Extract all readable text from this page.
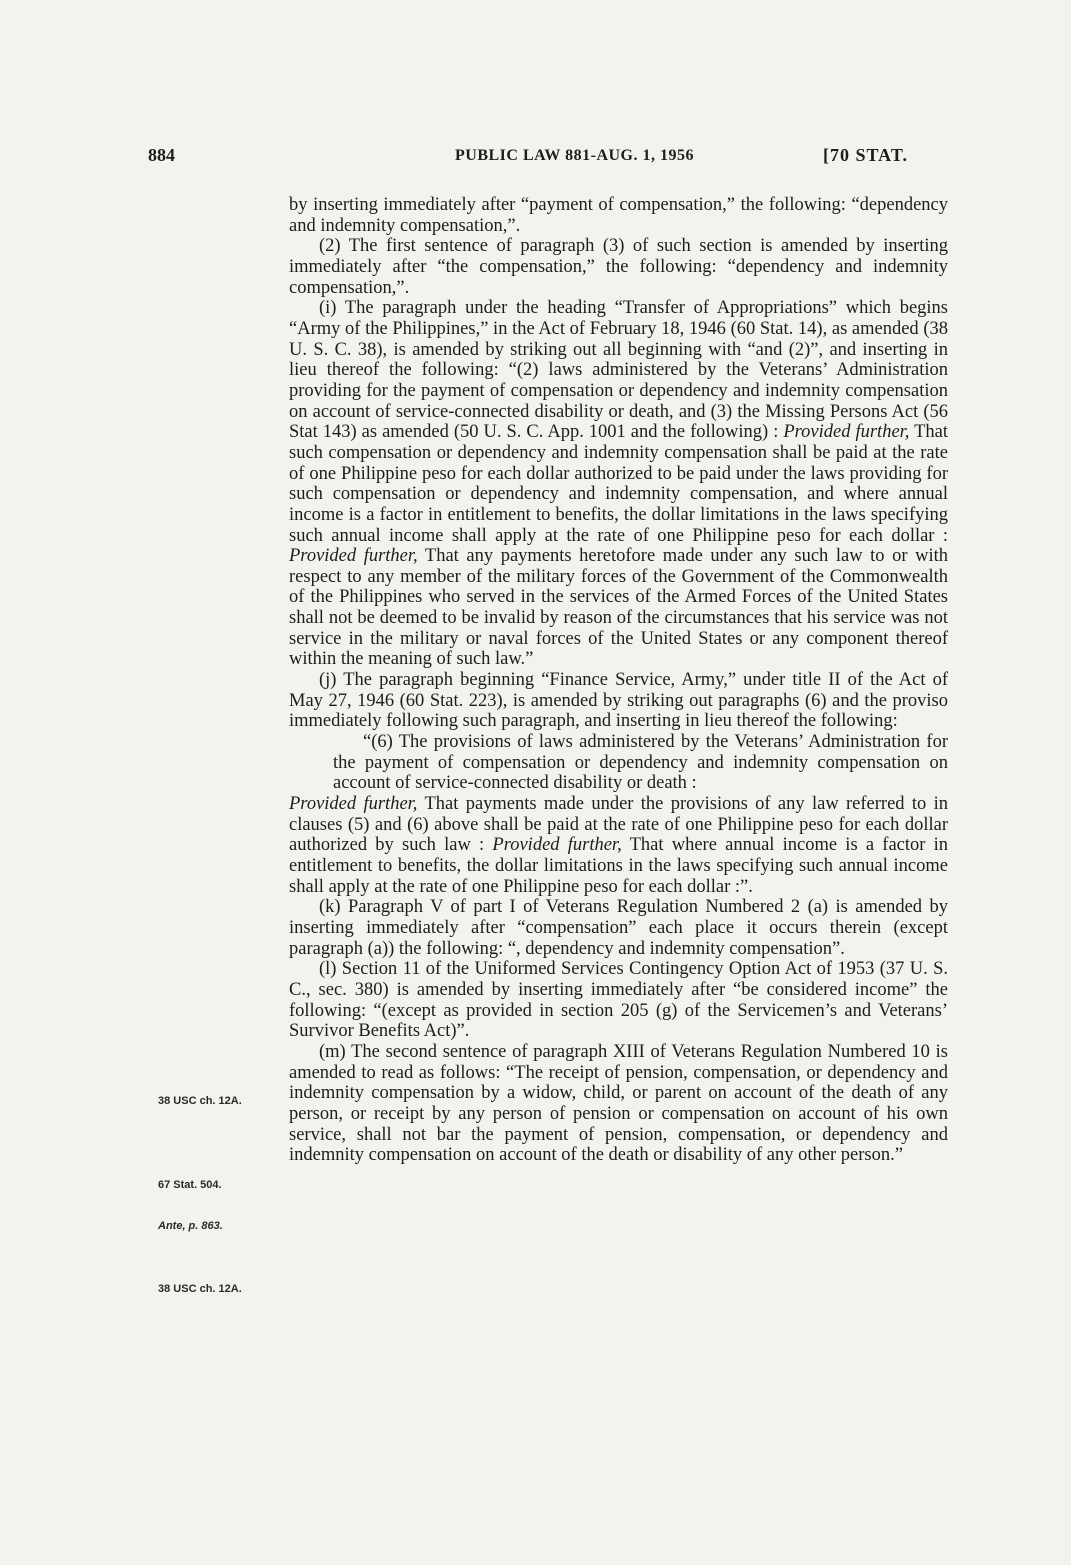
884	PUBLIC LAW 881-AUG. 1, 1956	[70 STAT.
38 USC ch. 12A.
67 Stat. 504.
Ante, p. 863.
38 USC ch. 12A.

by inserting immediately after “payment of compensation,” the following: “dependency and indemnity compensation,”.

(2) The first sentence of paragraph (3) of such section is amended by inserting immediately after “the compensation,” the following: “dependency and indemnity compensation,”.

(i) The paragraph under the heading “Transfer of Appropriations” which begins “Army of the Philippines,” in the Act of February 18, 1946 (60 Stat. 14), as amended (38 U. S. C. 38), is amended by striking out all beginning with “and (2)”, and inserting in lieu thereof the following: “(2) laws administered by the Veterans’ Administration providing for the payment of compensation or dependency and indemnity compensation on account of service-connected disability or death, and (3) the Missing Persons Act (56 Stat 143) as amended (50 U. S. C. App. 1001 and the following) : Provided further, That such compensation or dependency and indemnity compensation shall be paid at the rate of one Philippine peso for each dollar authorized to be paid under the laws providing for such compensation or dependency and indemnity compensation, and where annual income is a factor in entitlement to benefits, the dollar limitations in the laws specifying such annual income shall apply at the rate of one Philippine peso for each dollar : Provided further, That any payments heretofore made under any such law to or with respect to any member of the military forces of the Government of the Commonwealth of the Philippines who served in the services of the Armed Forces of the United States shall not be deemed to be invalid by reason of the circumstances that his service was not service in the military or naval forces of the United States or any component thereof within the meaning of such law.”

(j) The paragraph beginning “Finance Service, Army,” under title II of the Act of May 27, 1946 (60 Stat. 223), is amended by striking out paragraphs (6) and the proviso immediately following such paragraph, and inserting in lieu thereof the following:

“(6) The provisions of laws administered by the Veterans’ Administration for the payment of compensation or dependency and indemnity compensation on account of service-connected disability or death :

Provided further, That payments made under the provisions of any law referred to in clauses (5) and (6) above shall be paid at the rate of one Philippine peso for each dollar authorized by such law : Provided further, That where annual income is a factor in entitlement to benefits, the dollar limitations in the laws specifying such annual income shall apply at the rate of one Philippine peso for each dollar :”.

(k) Paragraph V of part I of Veterans Regulation Numbered 2 (a) is amended by inserting immediately after “compensation” each place it occurs therein (except paragraph (a)) the following: “, dependency and indemnity compensation”.

(l) Section 11 of the Uniformed Services Contingency Option Act of 1953 (37 U. S. C., sec. 380) is amended by inserting immediately after “be considered income” the following: “(except as provided in section 205 (g) of the Servicemen’s and Veterans’ Survivor Benefits Act)”.

(m) The second sentence of paragraph XIII of Veterans Regulation Numbered 10 is amended to read as follows: “The receipt of pension, compensation, or dependency and indemnity compensation by a widow, child, or parent on account of the death of any person, or receipt by any person of pension or compensation on account of his own service, shall not bar the payment of pension, compensation, or dependency and indemnity compensation on account of the death or disability of any other person.”
